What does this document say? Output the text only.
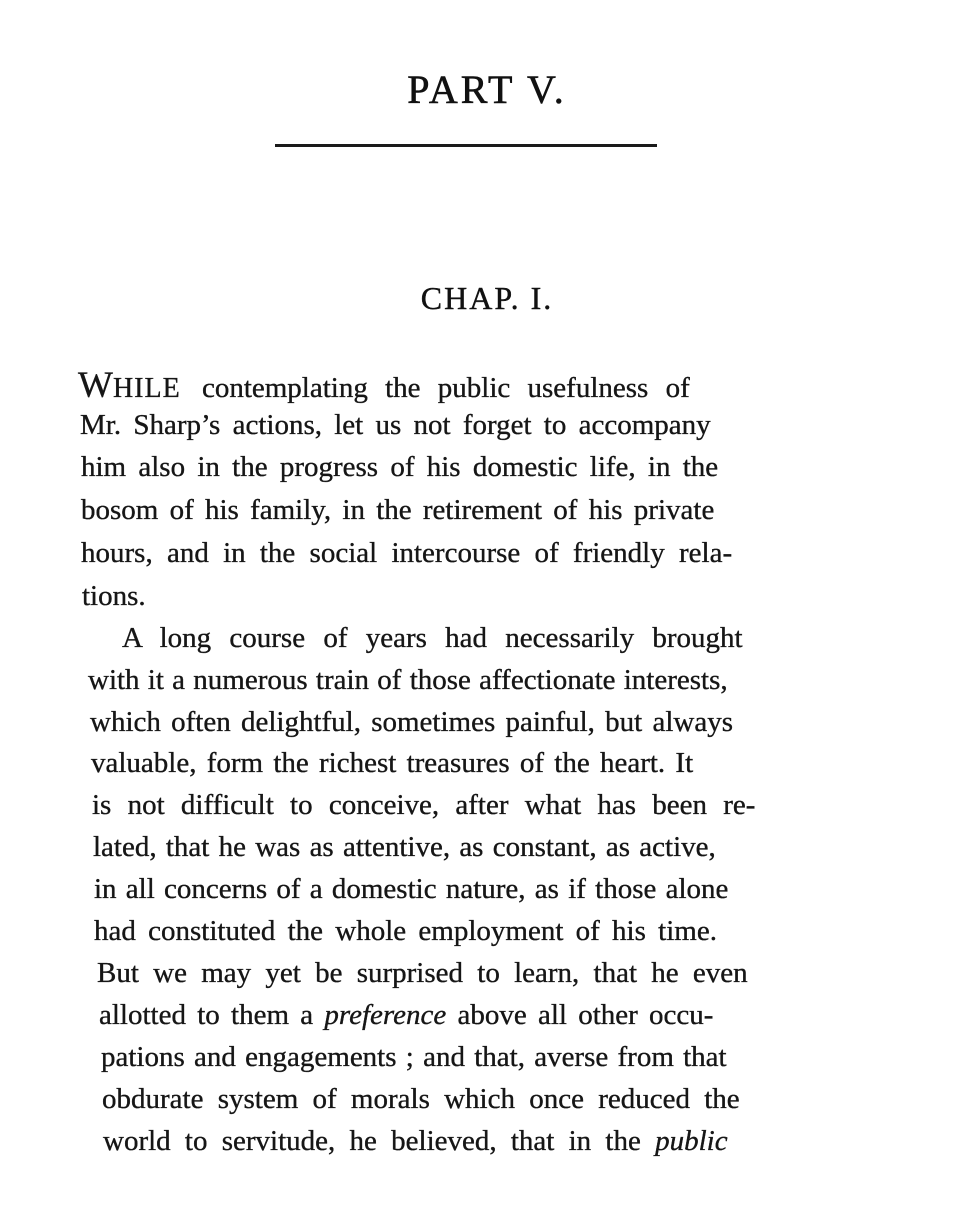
PART V.
CHAP. I.
WHILE contemplating the public usefulness of
Mr. Sharp’s actions, let us not forget to accompany
him also in the progress of his domestic life, in the
bosom of his family, in the retirement of his private
hours, and in the social intercourse of friendly rela-
tions.
A long course of years had necessarily brought
with it a numerous train of those affectionate interests,
which often delightful, sometimes painful, but always
valuable, form the richest treasures of the heart. It
is not difficult to conceive, after what has been re-
lated, that he was as attentive, as constant, as active,
in all concerns of a domestic nature, as if those alone
had constituted the whole employment of his time.
But we may yet be surprised to learn, that he even
allotted to them a preference above all other occu-
pations and engagements ; and that, averse from that
obdurate system of morals which once reduced the
world to servitude, he believed, that in the public
